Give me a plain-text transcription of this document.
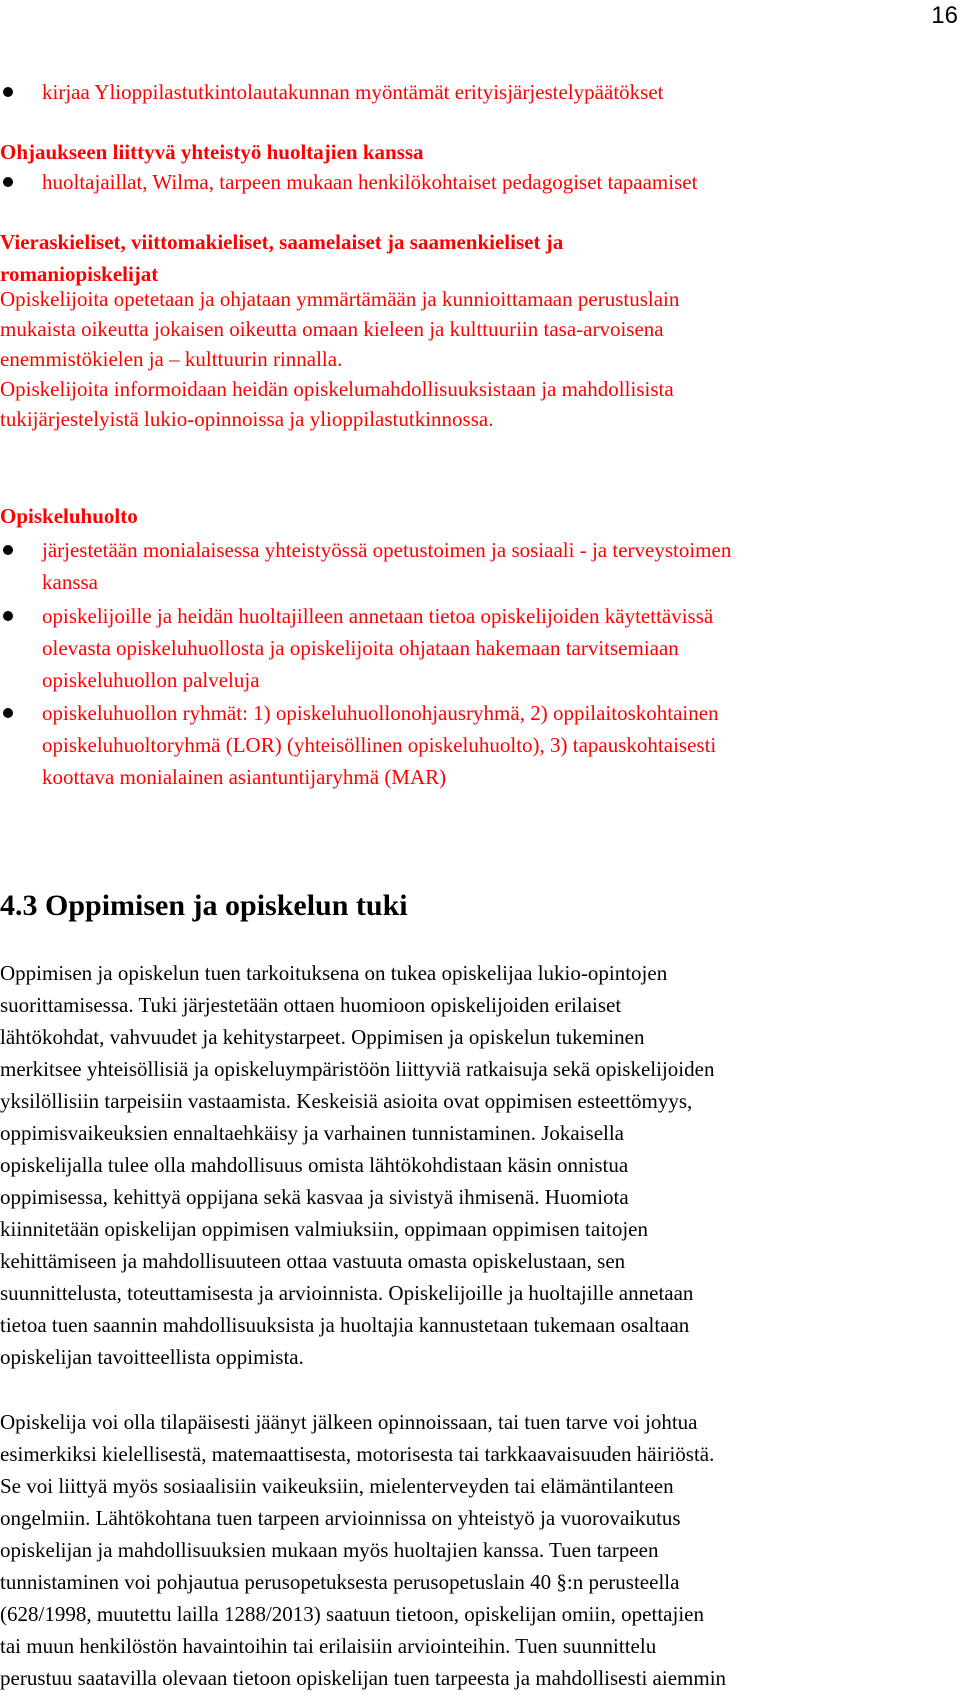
16
kirjaa Ylioppilastutkintolautakunnan myöntämät erityisjärjestelypäätökset
Ohjaukseen liittyvä yhteistyö huoltajien kanssa
huoltajaillat, Wilma, tarpeen mukaan henkilökohtaiset pedagogiset tapaamiset
Vieraskieliset, viittomakieliset, saamelaiset ja saamenkieliset ja
romaniopiskelijat
Opiskelijoita opetetaan ja ohjataan ymmärtämään ja kunnioittamaan perustuslain
mukaista oikeutta jokaisen oikeutta omaan kieleen ja kulttuuriin tasa-arvoisena
enemmistökielen ja – kulttuurin rinnalla.
Opiskelijoita informoidaan heidän opiskelumahdollisuuksistaan ja mahdollisista
tukijärjestelyistä lukio-opinnoissa ja ylioppilastutkinnossa.
Opiskeluhuolto
järjestetään monialaisessa yhteistyössä opetustoimen ja sosiaali - ja terveystoimen
kanssa
opiskelijoille ja heidän huoltajilleen annetaan tietoa opiskelijoiden käytettävissä
olevasta opiskeluhuollosta ja opiskelijoita ohjataan hakemaan tarvitsemiaan
opiskeluhuollon palveluja
opiskeluhuollon ryhmät: 1) opiskeluhuollonohjausryhmä, 2) oppilaitoskohtainen
opiskeluhuoltoryhmä (LOR) (yhteisöllinen opiskeluhuolto), 3) tapauskohtaisesti
koottava monialainen asiantuntijaryhmä (MAR)
4.3 Oppimisen ja opiskelun tuki
Oppimisen ja opiskelun tuen tarkoituksena on tukea opiskelijaa lukio-opintojen
suorittamisessa. Tuki järjestetään ottaen huomioon opiskelijoiden erilaiset
lähtökohdat, vahvuudet ja kehitystarpeet. Oppimisen ja opiskelun tukeminen
merkitsee yhteisöllisiä ja opiskeluympäristöön liittyviä ratkaisuja sekä opiskelijoiden
yksilöllisiin tarpeisiin vastaamista. Keskeisiä asioita ovat oppimisen esteettömyys,
oppimisvaikeuksien ennaltaehkäisy ja varhainen tunnistaminen. Jokaisella
opiskelijalla tulee olla mahdollisuus omista lähtökohdistaan käsin onnistua
oppimisessa, kehittyä oppijana sekä kasvaa ja sivistyä ihmisenä. Huomiota
kiinnitetään opiskelijan oppimisen valmiuksiin, oppimaan oppimisen taitojen
kehittämiseen ja mahdollisuuteen ottaa vastuuta omasta opiskelustaan, sen
suunnittelusta, toteuttamisesta ja arvioinnista. Opiskelijoille ja huoltajille annetaan
tietoa tuen saannin mahdollisuuksista ja huoltajia kannustetaan tukemaan osaltaan
opiskelijan tavoitteellista oppimista.
Opiskelija voi olla tilapäisesti jäänyt jälkeen opinnoissaan, tai tuen tarve voi johtua
esimerkiksi kielellisestä, matemaattisesta, motorisesta tai tarkkaavaisuuden häiriöstä.
Se voi liittyä myös sosiaalisiin vaikeuksiin, mielenterveyden tai elämäntilanteen
ongelmiin. Lähtökohtana tuen tarpeen arvioinnissa on yhteistyö ja vuorovaikutus
opiskelijan ja mahdollisuuksien mukaan myös huoltajien kanssa. Tuen tarpeen
tunnistaminen voi pohjautua perusopetuksesta perusopetuslain 40 §:n perusteella
(628/1998, muutettu lailla 1288/2013) saatuun tietoon, opiskelijan omiin, opettajien
tai muun henkilöstön havaintoihin tai erilaisiin arviointeihin. Tuen suunnittelu
perustuu saatavilla olevaan tietoon opiskelijan tuen tarpeesta ja mahdollisesti aiemmin
